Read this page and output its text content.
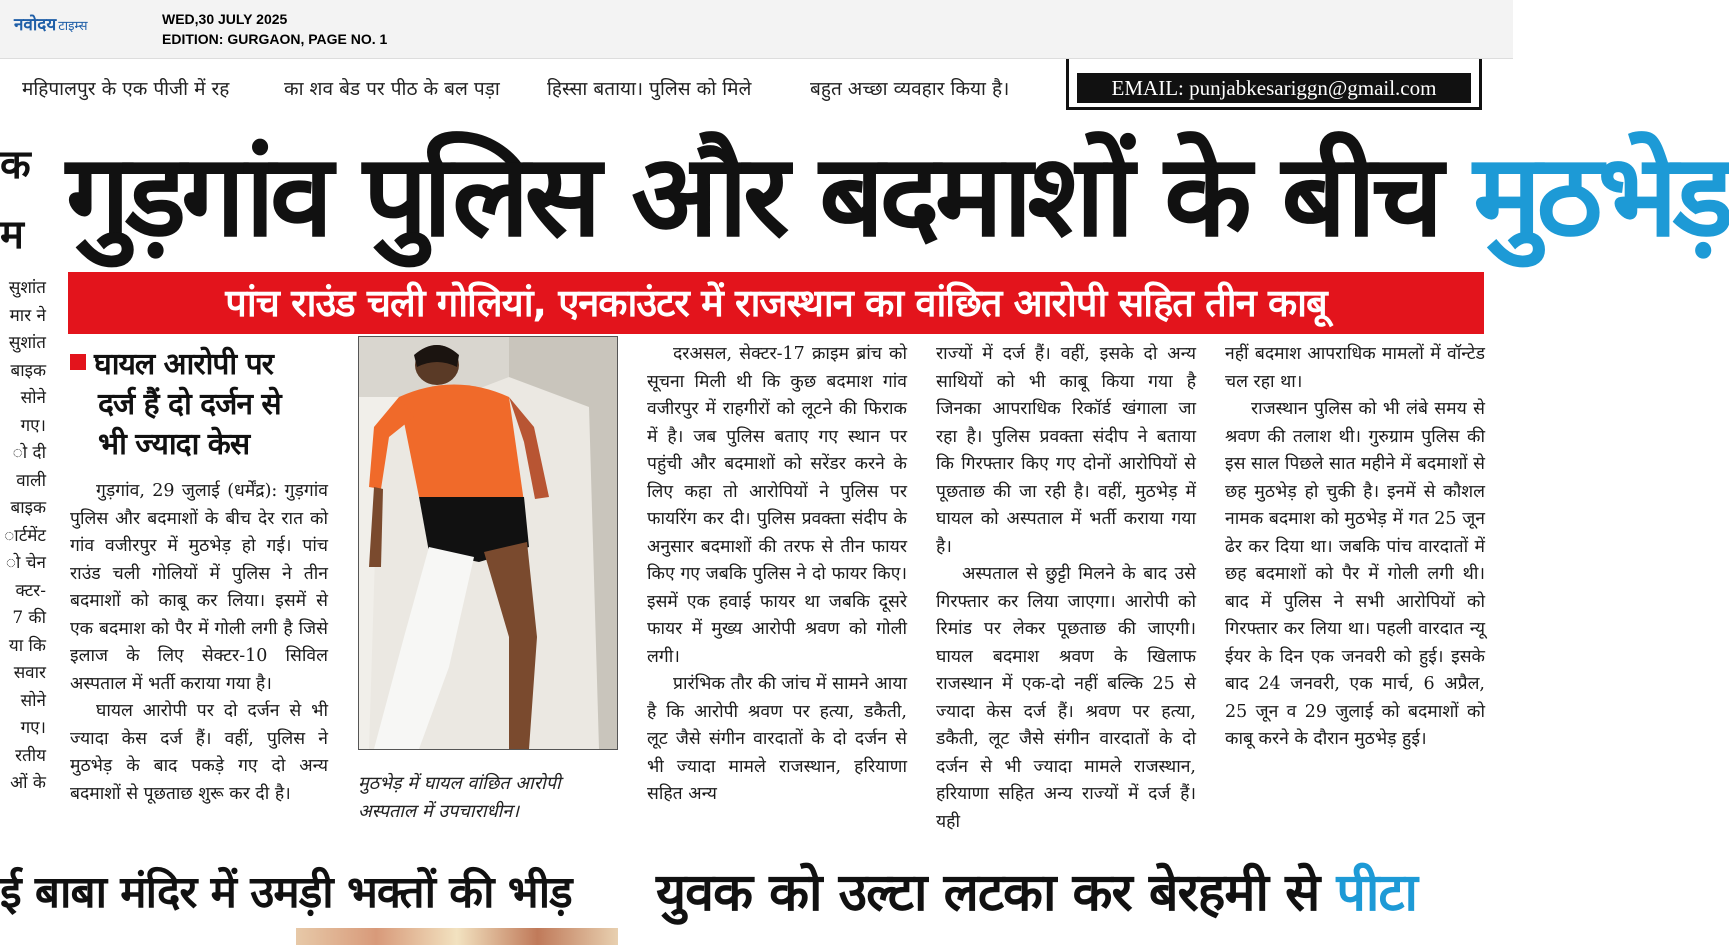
नवोदय टाइम्स	WED,30 JULY 2025
EDITION: GURGAON, PAGE NO. 1
महिपालपुर के एक पीजी में रह	का शव बेड पर पीठ के बल पड़ा	हिस्सा बताया। पुलिस को मिले	बहुत अच्छा व्यवहार किया है।	EMAIL: punjabkesariggn@gmail.com
क
म
सुशांत
मार ने
सुशांत
बाइक
सोने
गए।
ो दी
वाली
बाइक
ार्टमेंट
ो चेन
क्टर-
7 की
या कि
सवार
सोने
गए।
रतीय
ओं के
गुड़गांव पुलिस और बदमाशों के बीच मुठभेड़
पांच राउंड चली गोलियां, एनकाउंटर में राजस्थान का वांछित आरोपी सहित तीन काबू
घायल आरोपी पर
दर्ज हैं दो दर्जन से
भी ज्यादा केस

गुड़गांव, 29 जुलाई (धर्मेंद्र): गुड़गांव पुलिस और बदमाशों के बीच देर रात को गांव वजीरपुर में मुठभेड़ हो गई। पांच राउंड चली गोलियों में पुलिस ने तीन बदमाशों को काबू कर लिया। इसमें से एक बदमाश को पैर में गोली लगी है जिसे इलाज के लिए सेक्टर-10 सिविल अस्पताल में भर्ती कराया गया है।

घायल आरोपी पर दो दर्जन से भी ज्यादा केस दर्ज हैं। वहीं, पुलिस ने मुठभेड़ के बाद पकड़े गए दो अन्य बदमाशों से पूछताछ शुरू कर दी है।	मुठभेड़ में घायल वांछित आरोपी अस्पताल में उपचाराधीन।

दरअसल, सेक्टर-17 क्राइम ब्रांच को सूचना मिली थी कि कुछ बदमाश गांव वजीरपुर में राहगीरों को लूटने की फिराक में है। जब पुलिस बताए गए स्थान पर पहुंची और बदमाशों को सरेंडर करने के लिए कहा तो आरोपियों ने पुलिस पर फायरिंग कर दी। पुलिस प्रवक्ता संदीप के अनुसार बदमाशों की तरफ से तीन फायर किए गए जबकि पुलिस ने दो फायर किए। इसमें एक हवाई फायर था जबकि दूसरे फायर में मुख्य आरोपी श्रवण को गोली लगी।

प्रारंभिक तौर की जांच में सामने आया है कि आरोपी श्रवण पर हत्या, डकैती, लूट जैसे संगीन वारदातों के दो दर्जन से भी ज्यादा मामले राजस्थान, हरियाणा सहित अन्य

राज्यों में दर्ज हैं। वहीं, इसके दो अन्य साथियों को भी काबू किया गया है जिनका आपराधिक रिकॉर्ड खंगाला जा रहा है। पुलिस प्रवक्ता संदीप ने बताया कि गिरफ्तार किए गए दोनों आरोपियों से पूछताछ की जा रही है। वहीं, मुठभेड़ में घायल को अस्पताल में भर्ती कराया गया है।

अस्पताल से छुट्टी मिलने के बाद उसे गिरफ्तार कर लिया जाएगा। आरोपी को रिमांड पर लेकर पूछताछ की जाएगी। घायल बदमाश श्रवण के खिलाफ राजस्थान में एक-दो नहीं बल्कि 25 से ज्यादा केस दर्ज हैं। श्रवण पर हत्या, डकैती, लूट जैसे संगीन वारदातों के दो दर्जन से भी ज्यादा मामले राजस्थान, हरियाणा सहित अन्य राज्यों में दर्ज हैं। यही

नहीं बदमाश आपराधिक मामलों में वॉन्टेड चल रहा था।

राजस्थान पुलिस को भी लंबे समय से श्रवण की तलाश थी। गुरुग्राम पुलिस की इस साल पिछले सात महीने में बदमाशों से छह मुठभेड़ हो चुकी है। इनमें से कौशल नामक बदमाश को मुठभेड़ में गत 25 जून ढेर कर दिया था। जबकि पांच वारदातों में छह बदमाशों को पैर में गोली लगी थी। बाद में पुलिस ने सभी आरोपियों को गिरफ्तार कर लिया था। पहली वारदात न्यू ईयर के दिन एक जनवरी को हुई। इसके बाद 24 जनवरी, एक मार्च, 6 अप्रैल, 25 जून व 29 जुलाई को बदमाशों को काबू करने के दौरान मुठभेड़ हुई।

ई बाबा मंदिर में उमड़ी भक्तों की भीड़	युवक को उल्टा लटका कर बेरहमी से पीटा
